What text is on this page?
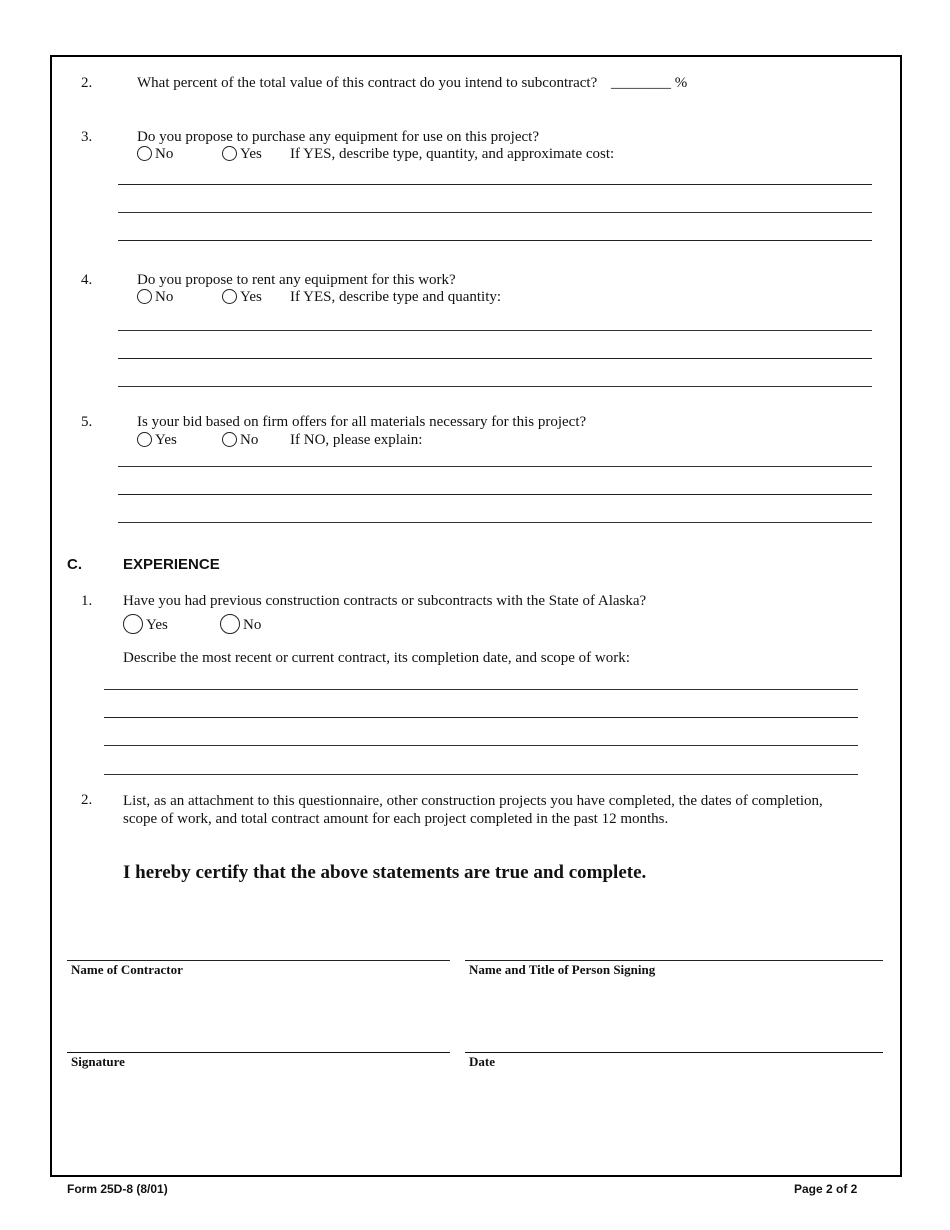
2.	What percent of the total value of this contract do you intend to subcontract? ________ %
3.	Do you propose to purchase any equipment for use on this project?
No	Yes If YES, describe type, quantity, and approximate cost:
4.	Do you propose to rent any equipment for this work?
No	Yes If YES, describe type and quantity:
5.	Is your bid based on firm offers for all materials necessary for this project?
Yes	No If NO, please explain:
C.	EXPERIENCE
1. Have you had previous construction contracts or subcontracts with the State of Alaska?
Yes	No
Describe the most recent or current contract, its completion date, and scope of work:
2. List, as an attachment to this questionnaire, other construction projects you have completed, the dates of completion, scope of work, and total contract amount for each project completed in the past 12 months.
I hereby certify that the above statements are true and complete.
Name of Contractor	Name and Title of Person Signing
Signature	Date
Form 25D-8 (8/01)	Page 2 of 2
